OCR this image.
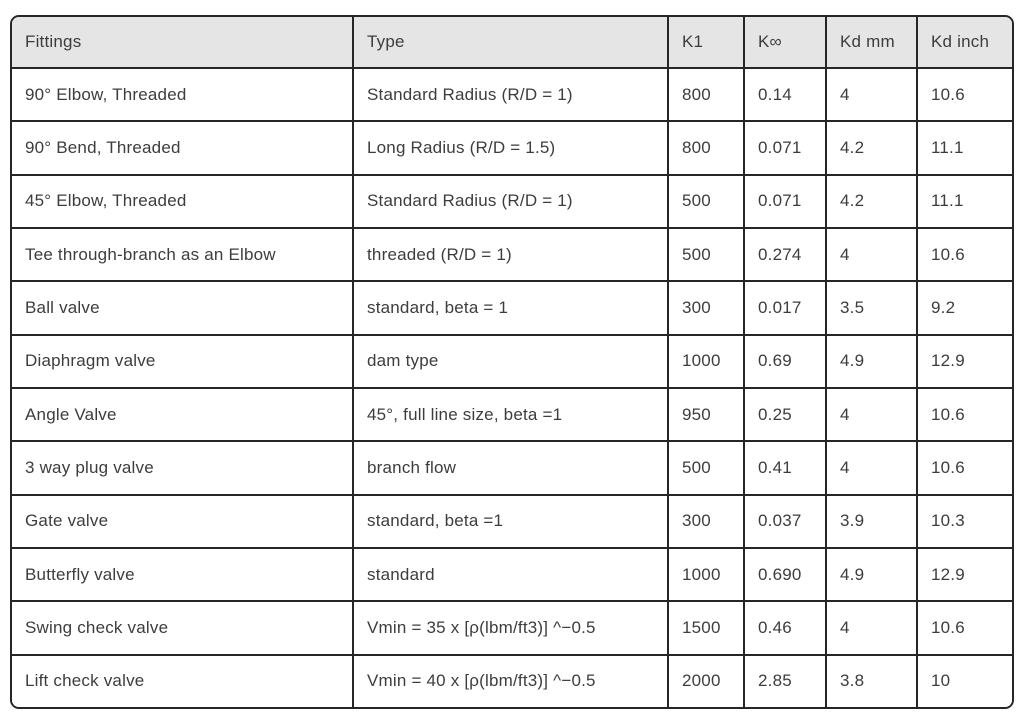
Fittings	Type	K1	K∞	Kd mm	Kd inch
90° Elbow, Threaded	Standard Radius (R/D = 1)	800	0.14	4	10.6
90° Bend, Threaded	Long Radius (R/D = 1.5)	800	0.071	4.2	11.1
45° Elbow, Threaded	Standard Radius (R/D = 1)	500	0.071	4.2	11.1
Tee through-branch as an Elbow	threaded (R/D = 1)	500	0.274	4	10.6
Ball valve	standard, beta = 1	300	0.017	3.5	9.2
Diaphragm valve	dam type	1000	0.69	4.9	12.9
Angle Valve	45°, full line size, beta =1	950	0.25	4	10.6
3 way plug valve	branch flow	500	0.41	4	10.6
Gate valve	standard, beta =1	300	0.037	3.9	10.3
Butterfly valve	standard	1000	0.690	4.9	12.9
Swing check valve	Vmin = 35 x [ρ(lbm/ft3)] ^−0.5	1500	0.46	4	10.6
Lift check valve	Vmin = 40 x [ρ(lbm/ft3)] ^−0.5	2000	2.85	3.8	10
